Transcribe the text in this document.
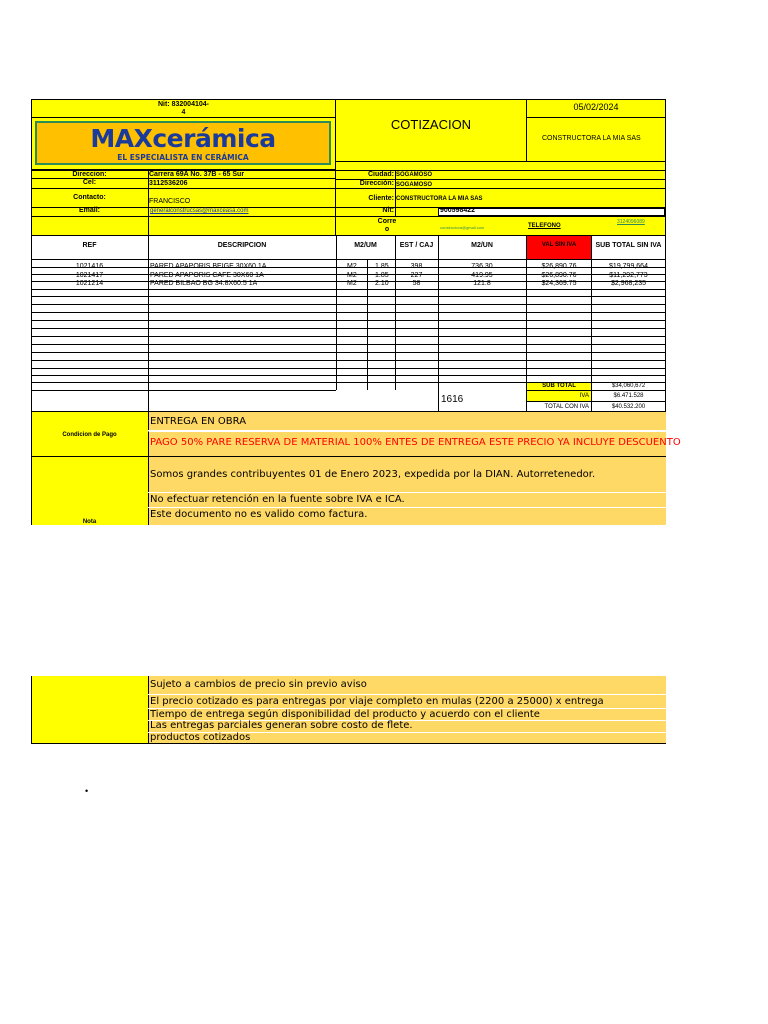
Nit: 832004104-
4
MAXcerámica
EL ESPECIALISTA EN CERÁMICA
COTIZACION
05/02/2024
CONSTRUCTORA LA MIA SAS
Direccion:	Carrera 69A No. 37B - 65 Sur
Cel:	3112536206
Contacto:
FRANCISCO
Email:	generalconstrucsas@maxceasa.com
Ciudad: SOGAMOSO
Dirección: SOGAMOSO
Cliente: CONSTRUCTORA LA MIA SAS
Nit:	900598422
Corre
o	constructora@gmail.com	TELEFONO
3124096089
REF	DESCRIPCION	M2/UM	EST / CAJ	M2/UN	VAL SIN IVA	SUB TOTAL SIN IVA
1021416	PARED APAPORIS BEIGE 30X60 1A	M2	1.85	398	736.30	$26,890.76	$19,799,664
1021417	PARED APAPORIS CAFE 30X60 1A	M2	1.85	227	419.95	$26,890.76	$11,292,773
1021214	PARED BILBAO BG 34.8X60.5 1A	M2	2.10	58	121.8	$24,369.75	$2,968,235
1616
SUB TOTAL	$34,060,672
IVA	$6.471.528
TOTAL CON IVA	$40.532.200
Condicion de Pago
ENTREGA EN OBRA
PAGO 50% PARE RESERVA DE MATERIAL 100% ENTES DE ENTREGA ESTE PRECIO YA INCLUYE DESCUENTO
Nota
Somos grandes contribuyentes 01 de Enero 2023, expedida por la DIAN. Autorretenedor.
No efectuar retención en la fuente sobre IVA e ICA.
Este documento no es valido como factura.
Sujeto a cambios de precio sin previo aviso
El precio cotizado es para entregas por viaje completo en mulas (2200 a 25000) x entrega
Tiempo de entrega según disponibilidad del producto y acuerdo con el cliente
Las entregas parciales generan sobre costo de flete.
productos cotizados
•
